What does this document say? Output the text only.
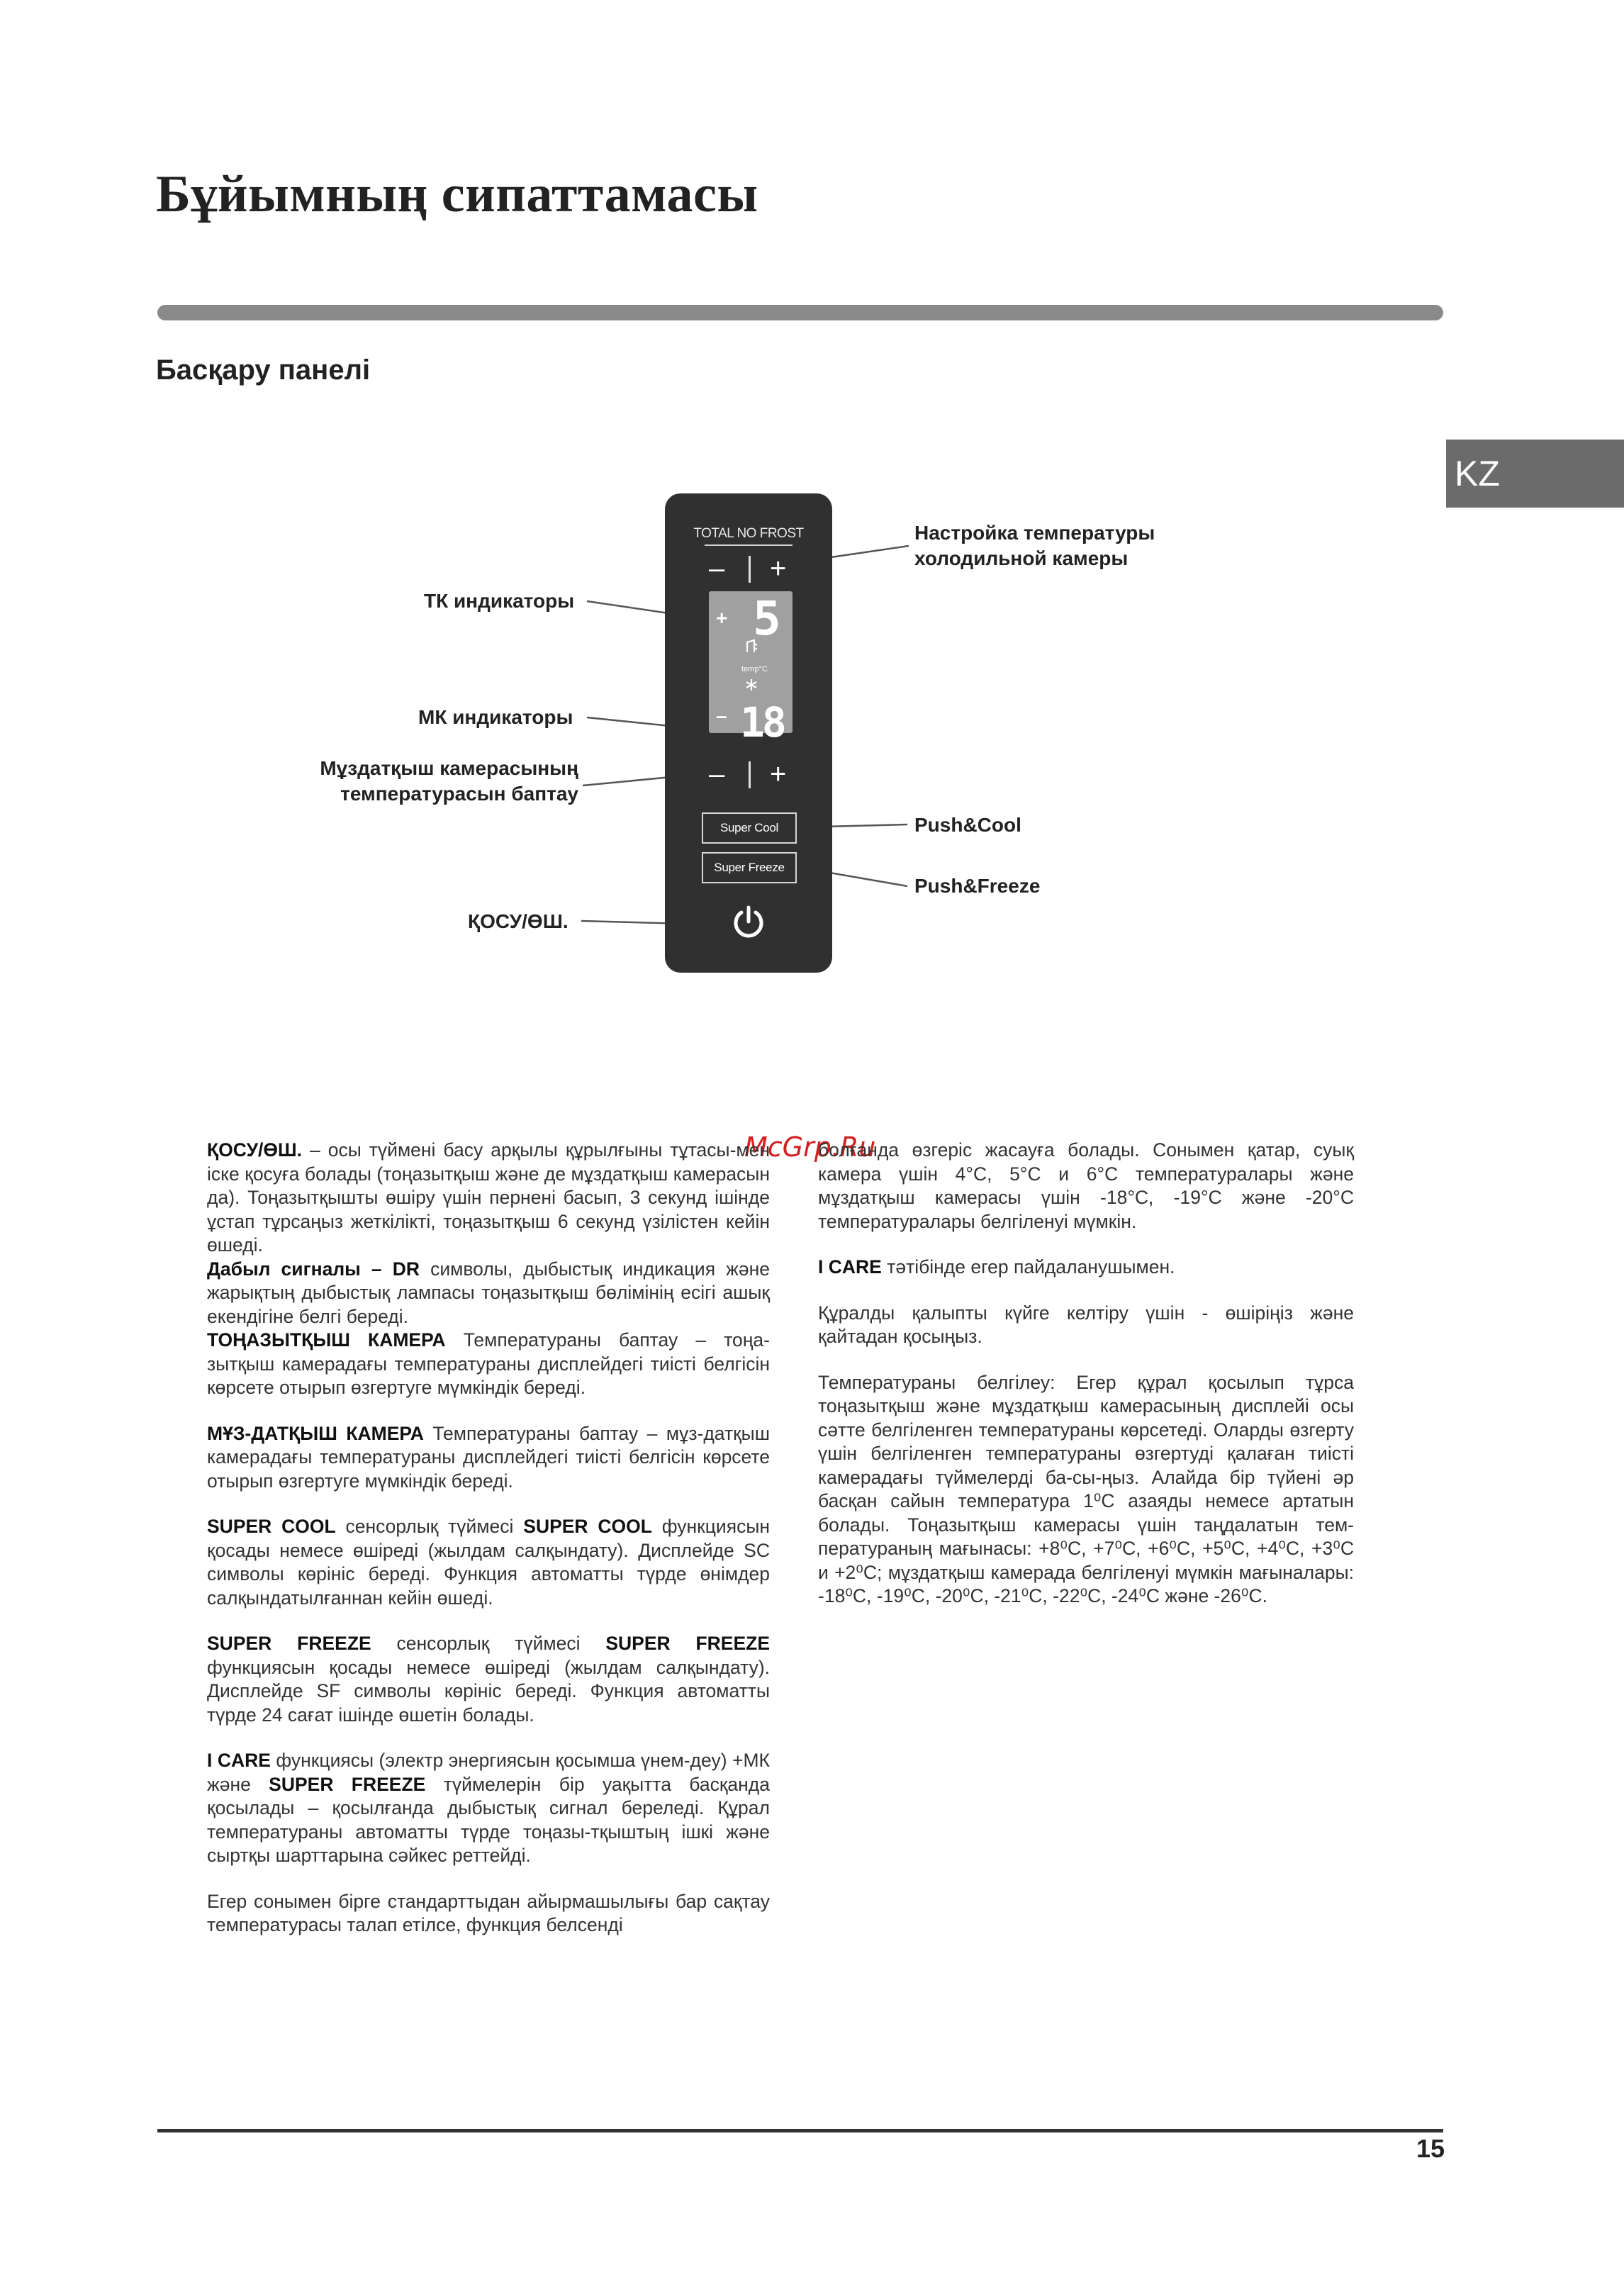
Бұйымның сипаттамасы
Басқару панелі
KZ
TOTAL NO FROST
– +
+ 5
temp°C
– 18
– +
Super Cool
Super Freeze
Настройка температуры
холодильной камеры
ТК индикаторы
МК индикаторы
Мұздатқыш камерасының
температурасын баптау
Push&Cool
Push&Freeze
ҚОСУ/ӨШ.
McGrp.Ru

ҚОСУ/ӨШ. – осы түймені басу арқылы құрылғыны тұтасы-мен іске қосуға болады (тоңазытқыш және де мұздатқыш камерасын да). Тоңазытқышты өшіру үшін пернені басып, 3 секунд ішінде ұстап тұрсаңыз жеткілікті, тоңазытқыш 6 секунд үзілістен кейін өшеді.

Дабыл сигналы – DR символы, дыбыстық индикация және жарықтың дыбыстық лампасы тоңазытқыш бөлімінің есігі ашық екендігіне белгі береді.

ТОҢАЗЫТҚЫШ КАМЕРА Температураны баптау – тоңа-зытқыш камерадағы температураны дисплейдегі тиісті белгісін көрсете отырып өзгертуге мүмкіндік береді.

МҰЗ-ДАТҚЫШ КАМЕРА Температураны баптау – мұз-датқыш камерадағы температураны дисплейдегі тиісті белгісін көрсете отырып өзгертуге мүмкіндік береді.

SUPER COOL сенсорлық түймесі SUPER COOL функциясын қосады немесе өшіреді (жылдам салқындату). Дисплейде SC символы көрініс береді. Функция автоматты түрде өнімдер салқындатылғаннан кейін өшеді.

SUPER FREEZE сенсорлық түймесі SUPER FREEZE функциясын қосады немесе өшіреді (жылдам салқындату). Дисплейде SF символы көрініс береді. Функция автоматты түрде 24 сағат ішінде өшетін болады.

I CARE функциясы (электр энергиясын қосымша үнем-деу) +МК және SUPER FREEZE түймелерін бір уақытта басқанда қосылады – қосылғанда дыбыстық сигнал береледі. Құрал температураны автоматты түрде тоңазы-тқыштың ішкі және сыртқы шарттарына сәйкес реттейді.

Егер сонымен бірге стандарттыдан айырмашылығы бар сақтау температурасы талап етілсе, функция белсенді

болғанда өзгеріс жасауға болады. Сонымен қатар, суық камера үшін 4°C, 5°C и 6°C температуралары және мұздатқыш камерасы үшін -18°C, -19°C және -20°C температуралары белгіленуі мүмкін.

I CARE тәтібінде егер пайдаланушымен.

Құралды қалыпты күйге келтіру үшін - өшіріңіз және қайтадан қосыңыз.

Температураны белгілеу: Егер құрал қосылып тұрса тоңазытқыш және мұздатқыш камерасының дисплейі осы сәтте белгіленген температураны көрсетеді. Оларды өзгерту үшін белгіленген температураны өзгертуді қалаған тиісті камерадағы түймелерді ба-сы-ңыз. Алайда бір түйені әр басқан сайын температура 1⁰C азаяды немесе артатын болады. Тоңазытқыш камерасы үшін таңдалатын тем-ператураның мағынасы: +8⁰C, +7⁰C, +6⁰C, +5⁰C, +4⁰C, +3⁰C и +2⁰C; мұздатқыш камерада белгіленуі мүмкін мағыналары: -18⁰C, -19⁰C, -20⁰C, -21⁰C, -22⁰C, -24⁰C және -26⁰C.

15
